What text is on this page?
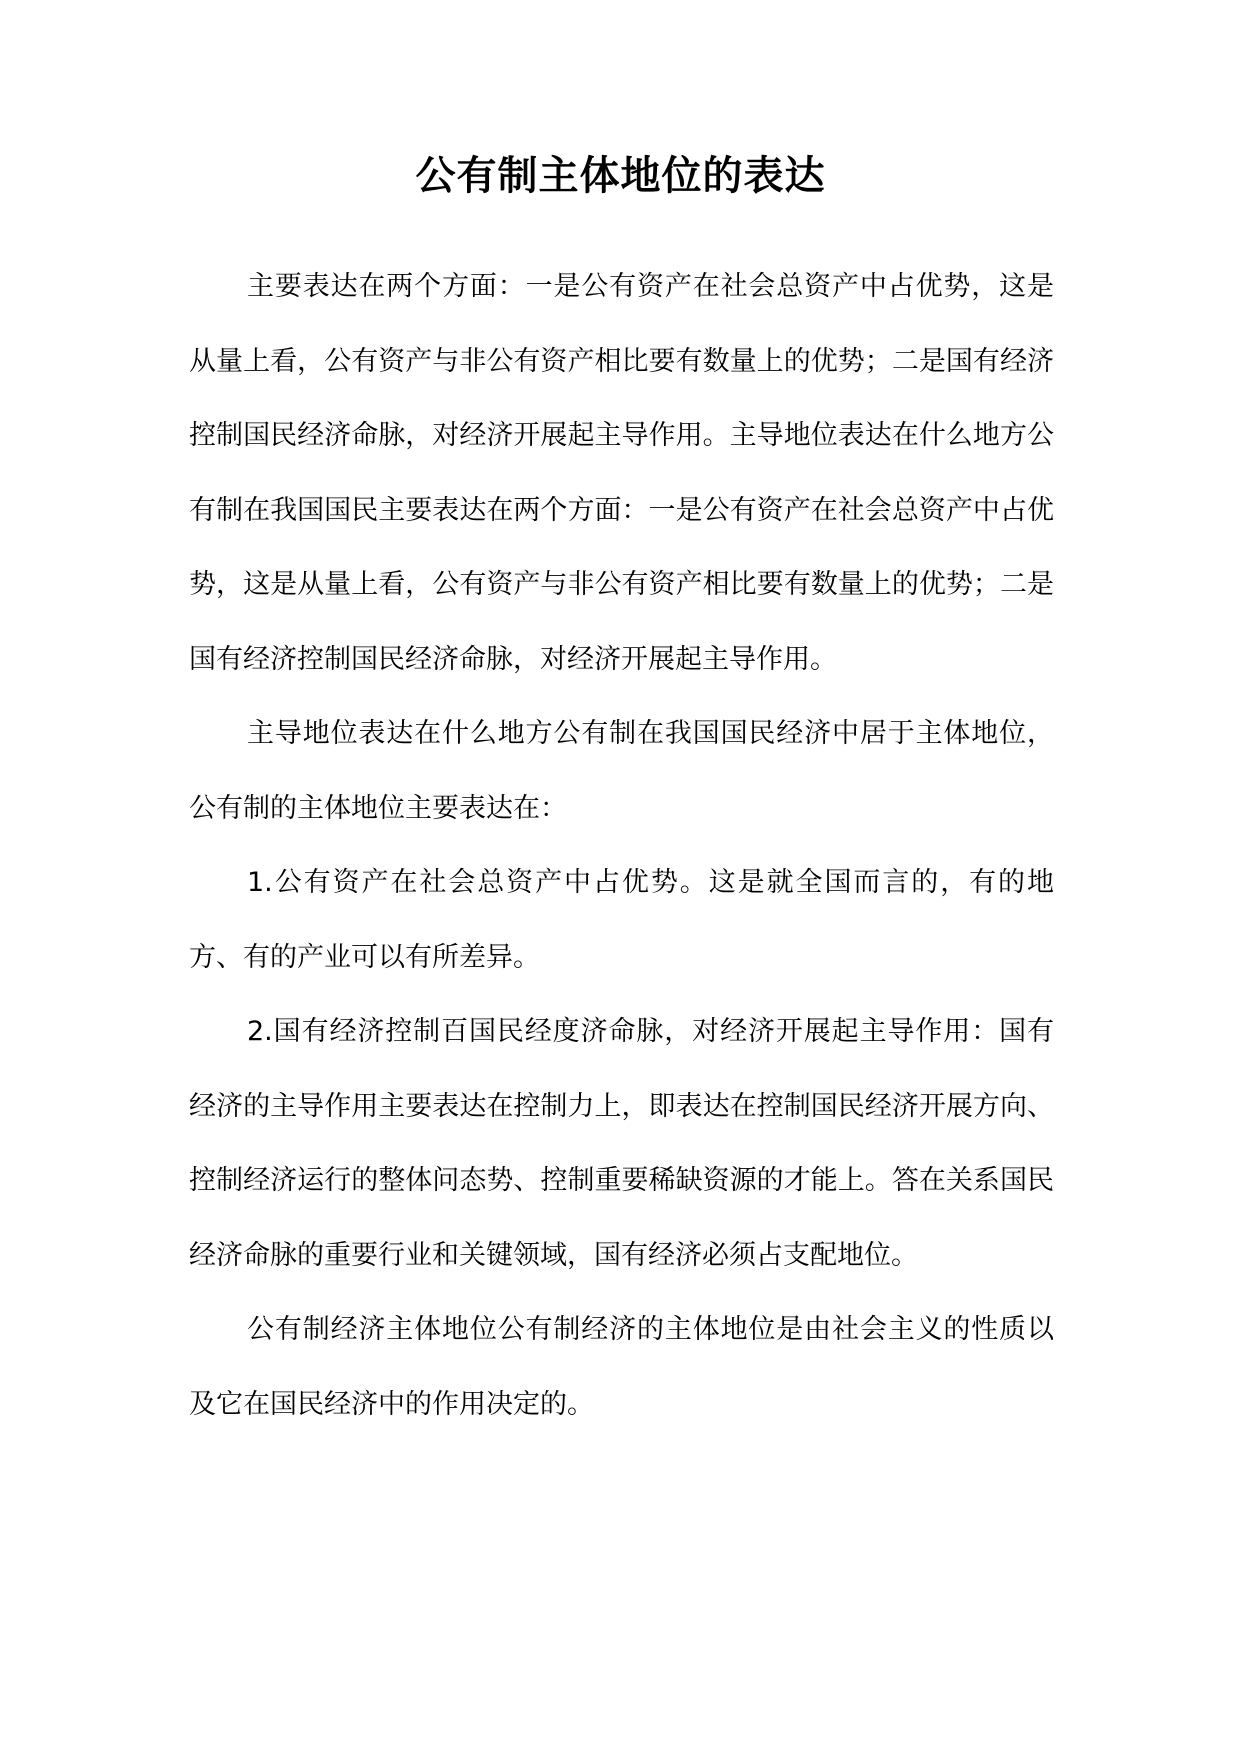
公有制主体地位的表达

主要表达在两个方面：一是公有资产在社会总资产中占优势，这是从量上看，公有资产与非公有资产相比要有数量上的优势；二是国有经济控制国民经济命脉，对经济开展起主导作用。主导地位表达在什么地方公有制在我国国民主要表达在两个方面：一是公有资产在社会总资产中占优势，这是从量上看，公有资产与非公有资产相比要有数量上的优势；二是国有经济控制国民经济命脉，对经济开展起主导作用。

主导地位表达在什么地方公有制在我国国民经济中居于主体地位，公有制的主体地位主要表达在：

1.公有资产在社会总资产中占优势。这是就全国而言的，有的地方、有的产业可以有所差异。

2.国有经济控制百国民经度济命脉，对经济开展起主导作用：国有经济的主导作用主要表达在控制力上，即表达在控制国民经济开展方向、控制经济运行的整体问态势、控制重要稀缺资源的才能上。答在关系国民经济命脉的重要行业和关键领域，国有经济必须占支配地位。

公有制经济主体地位公有制经济的主体地位是由社会主义的性质以及它在国民经济中的作用决定的。
